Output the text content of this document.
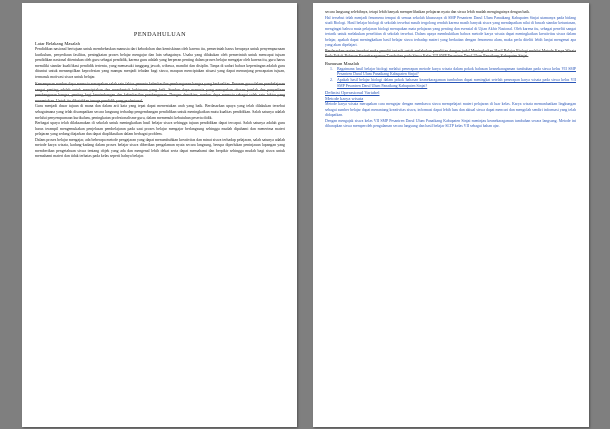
PENDAHULUAN
Latar Belakang Masalah

Pendidikan nasional bertujuan untuk membebaskan manusia dari kebodohan dan kemiskinan oleh karena itu, pemerintah harus berupaya untuk penyempurnaan kurikulum, penyediaan fasilitas, peningkatan proses belajar mengajar dan lain sebagainya. Usaha yang dilakukan oleh pemerintah untuk mencapai tujuan pendidikan nasional ditentukan oleh guru sebagai pendidik, karena guru adalah yang berperan penting dalam proses belajar mengajar oleh karena itu, guru harus memiliki standar kualifikasi pendidik tertentu, yang memasuki tanggung jawab, wibawa, mandiri dan disiplin. Tanpa di sadari bahwa kepentingan adalah guru dituntut untuk menampilkan keprofesian yang mampu menjadi teladan bagi siswa, maupun menciptakan situasi yang dapat menunjang pencapaian tujuan, termasuk motivasi siswa untuk belajar.

Kemampuan sumber daya manusia merupakan salah satu faktor penentu keberhasilan pembangunan bangsa yang berkualitas. Peranan guru dalam pembelajaran sangat penting adalah untuk menciptakan dan membentuk kebiasaan yang baik. Sumber daya manusia yang merupakan ukuran jumlah dan penyediaan pembangunan bangsa, penting bagi keseimbangan dan keberhasilan pembangunan. Dengan demikian, sumber daya manusia sebagai salah satu faktor yang menentukan. Untuk itu dibutuhkan tenaga pendidik yang profesional.

Guru menjadi dasar tujuan di mana dan dalam arti kata yang tepat dapat menentukan arah yang baik. Berdasarkan upaya yang telah dilakukan tersebut sebagaimana yang telah disampaikan secara langsung terhadap pengembangan pendidikan untuk meningkatkan mutu kualitas pendidikan. Salah satunya adalah melalui penyempurnaan kurikulum, peningkatan profesionalisme guru, dalam memenuhi kebutuhan peserta didik.

Berbagai upaya telah dilaksanakan di sekolah untuk meningkatkan hasil belajar siswa sehingga tujuan pendidikan dapat tercapai. Salah satunya adalah guru harus terampil mengemukakan penjelasan pembelajaran pada saat proses belajar mengajar berlangsung sehingga mudah dipahami dan menerima materi pelajaran yang sedang diajarkan dan dapat diaplikasikan dalam berbagai problem.

Dalam proses belajar mengajar, ada beberapa metode pengajaran yang dapat menumbuhkan kreativitas dan minat siswa terhadap pelajaran, salah satunya adalah metode karya wisata, kadang-kadang dalam proses belajar siswa diberikan pengalaman nyata secara langsung, berupa diperlukan peninjauan lapangan yang memberikan pengetahuan siswa tentang objek yang ada dan mengenal lebih dekat serta dapat memahami dan berpikir sehingga mudah bagi siswa untuk memahami materi dan tidak terbatas pada kelas seperti halnya belajar.

secara langsung selebihnya, tetapi lebih banyak memperlihatkan pelajaran nyata dan siswa lebih mudah mengingatnya dengan baik.

Hal tersebut telah menjadi fenomena tempat di semua sekolah khususnya di SMP Pesantren Darul Ulum Panaikang Kabupaten Sinjai utamanya pada bidang studi Biologi. Hasil belajar biologi di sekolah tersebut masih tergolong rendah karena masih banyak siswa yang mendapatkan nilai di bawah standar ketuntasan, mengingat bahwa mata pelajaran biologi merupakan mata pelajaran yang penting dan esensial di Ujian Akhir Nasional. Oleh karena itu, sebagai peneliti sangat tertarik untuk melakukan penelitian di sekolah tersebut. Dalam upaya membuktikan bahwa metode karya wisata dapat meningkatkan kreativitas siswa dalam belajar, apakah dapat meningkatkan hasil belajar siswa terhadap materi yang berkaitan dengan fenomena alam, maka perlu diteliti lebih lanjut mengenai apa yang akan dipelajari.

Berdasarkan uraian tersebut maka peneliti tertarik untuk melakukan penelitian dengan judul Meningkatkan Hasil Belajar Biologi melalui Metode Karya Wisata Pada Pokok Bahasan Keanekaragaman Tumbuhan pada Siswa Kelas VII SMP Pesantren Darul Ulum Panaikang Kabupaten Sinjai.

Rumusan Masalah
1.	Bagaimana hasil belajar biologi melalui penerapan metode karya wisata dalam pokok bahasan keanekaragaman tumbuhan pada siswa kelas VII SMP Pesantren Darul Ulum Panaikang Kabupaten Sinjai?
2.	Apakah hasil belajar biologi dalam pokok bahasan keanekaragaman tumbuhan dapat meningkat setelah penerapan karya wisata pada siswa kelas VII SMP Pesantren Darul Ulum Panaikang Kabupaten Sinjai?
Definisi Operasional Variabel
Metode karya wisata

Metode karya wisata merupakan cara mengajar dengan membawa siswa mempelajari materi pelajaran di luar kelas. Karya wisata memanfaatkan lingkungan sebagai sumber belajar dapat menantang kreativitas siswa, informasi dapat lebih luas dan aktual siswa dapat mencari dan mengolah sendiri informasi yang telah didapatkan.

Dengan mengajak siswa kelas VII SMP Pesantren Darul Ulum Panaikang Kabupaten Sinjai meninjau keanekaragaman tumbuhan secara langsung. Metode ini diharapkan siswa memperoleh pengalaman secara langsung dan hasil belajar SLTP kelas VII sebagai bahan ajar.
